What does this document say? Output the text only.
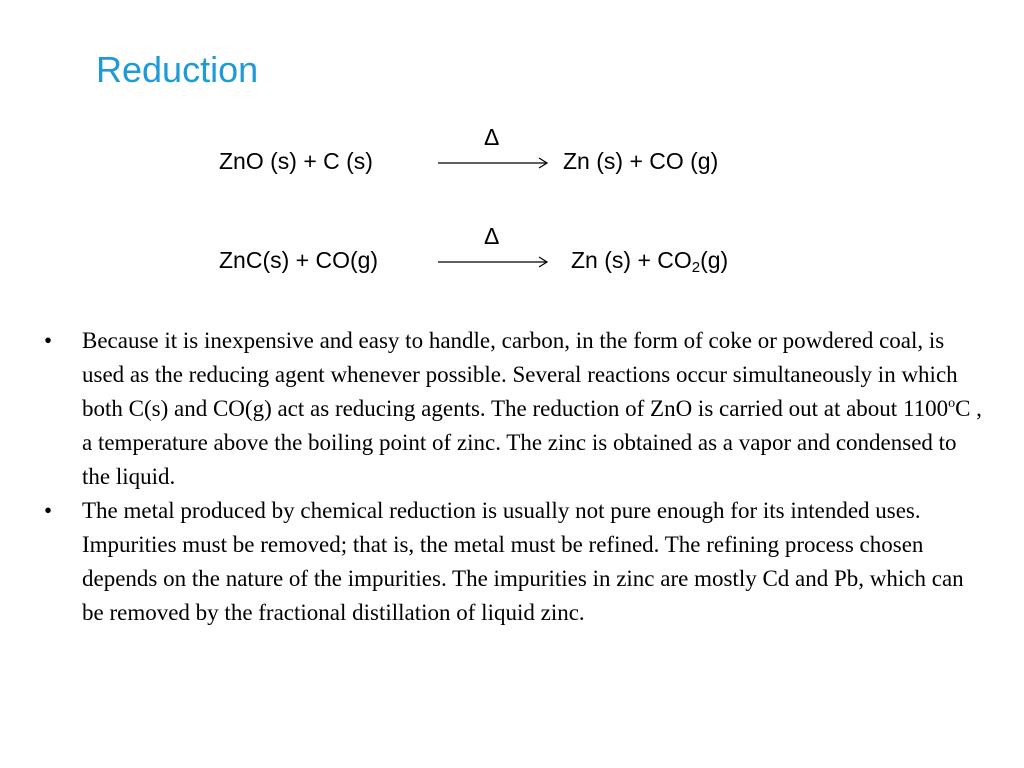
Reduction
Δ
ZnO (s) + C (s)	Zn (s) + CO (g)
Δ
ZnC(s) + CO(g)	Zn $(s) + CO_2(g)$
• Because it is inexpensive and easy to handle, carbon, in the form of coke or powdered coal, is used as the reducing agent whenever possible. Several reactions occur simultaneously in which both C(s) and CO(g) act as reducing agents. The reduction of ZnO is carried out at about 1100$^o$C , a temperature above the boiling point of zinc. The zinc is obtained as a vapor and condensed to the liquid.
• The metal produced by chemical reduction is usually not pure enough for its intended uses. Impurities must be removed; that is, the metal must be refined. The refining process chosen depends on the nature of the impurities. The impurities in zinc are mostly Cd and Pb, which can be removed by the fractional distillation of liquid zinc.
